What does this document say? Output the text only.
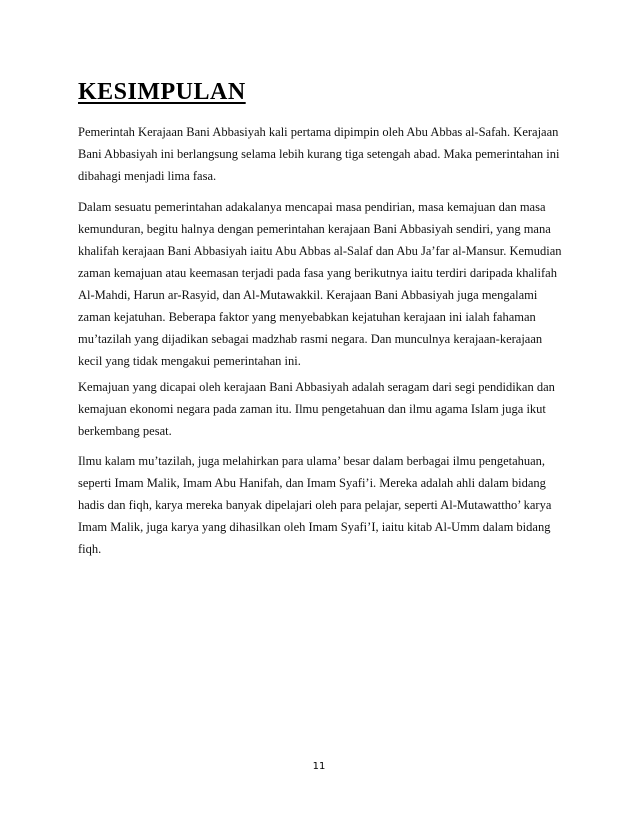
KESIMPULAN

Pemerintah Kerajaan Bani Abbasiyah kali pertama dipimpin oleh Abu Abbas al-Safah. Kerajaan
Bani Abbasiyah ini berlangsung selama lebih kurang tiga setengah abad. Maka pemerintahan ini
dibahagi menjadi lima fasa.

Dalam sesuatu pemerintahan adakalanya mencapai masa pendirian, masa kemajuan dan masa
kemunduran, begitu halnya dengan pemerintahan kerajaan Bani Abbasiyah sendiri, yang mana
khalifah kerajaan Bani Abbasiyah iaitu Abu Abbas al-Salaf dan Abu Ja’far al-Mansur. Kemudian
zaman kemajuan atau keemasan terjadi pada fasa yang berikutnya iaitu terdiri daripada khalifah
Al-Mahdi, Harun ar-Rasyid, dan Al-Mutawakkil. Kerajaan Bani Abbasiyah juga mengalami
zaman kejatuhan. Beberapa faktor yang menyebabkan kejatuhan kerajaan ini ialah fahaman
mu’tazilah yang dijadikan sebagai madzhab rasmi negara. Dan munculnya kerajaan-kerajaan
kecil yang tidak mengakui pemerintahan ini.

Kemajuan yang dicapai oleh kerajaan Bani Abbasiyah adalah seragam dari segi pendidikan dan
kemajuan ekonomi negara pada zaman itu. Ilmu pengetahuan dan ilmu agama Islam juga ikut
berkembang pesat.

Ilmu kalam mu’tazilah, juga melahirkan para ulama’ besar dalam berbagai ilmu pengetahuan,
seperti Imam Malik, Imam Abu Hanifah, dan Imam Syafi’i. Mereka adalah ahli dalam bidang
hadis dan fiqh, karya mereka banyak dipelajari oleh para pelajar, seperti Al-Mutawattho’ karya
Imam Malik, juga karya yang dihasilkan oleh Imam Syafi’I, iaitu kitab Al-Umm dalam bidang
fiqh.

11
